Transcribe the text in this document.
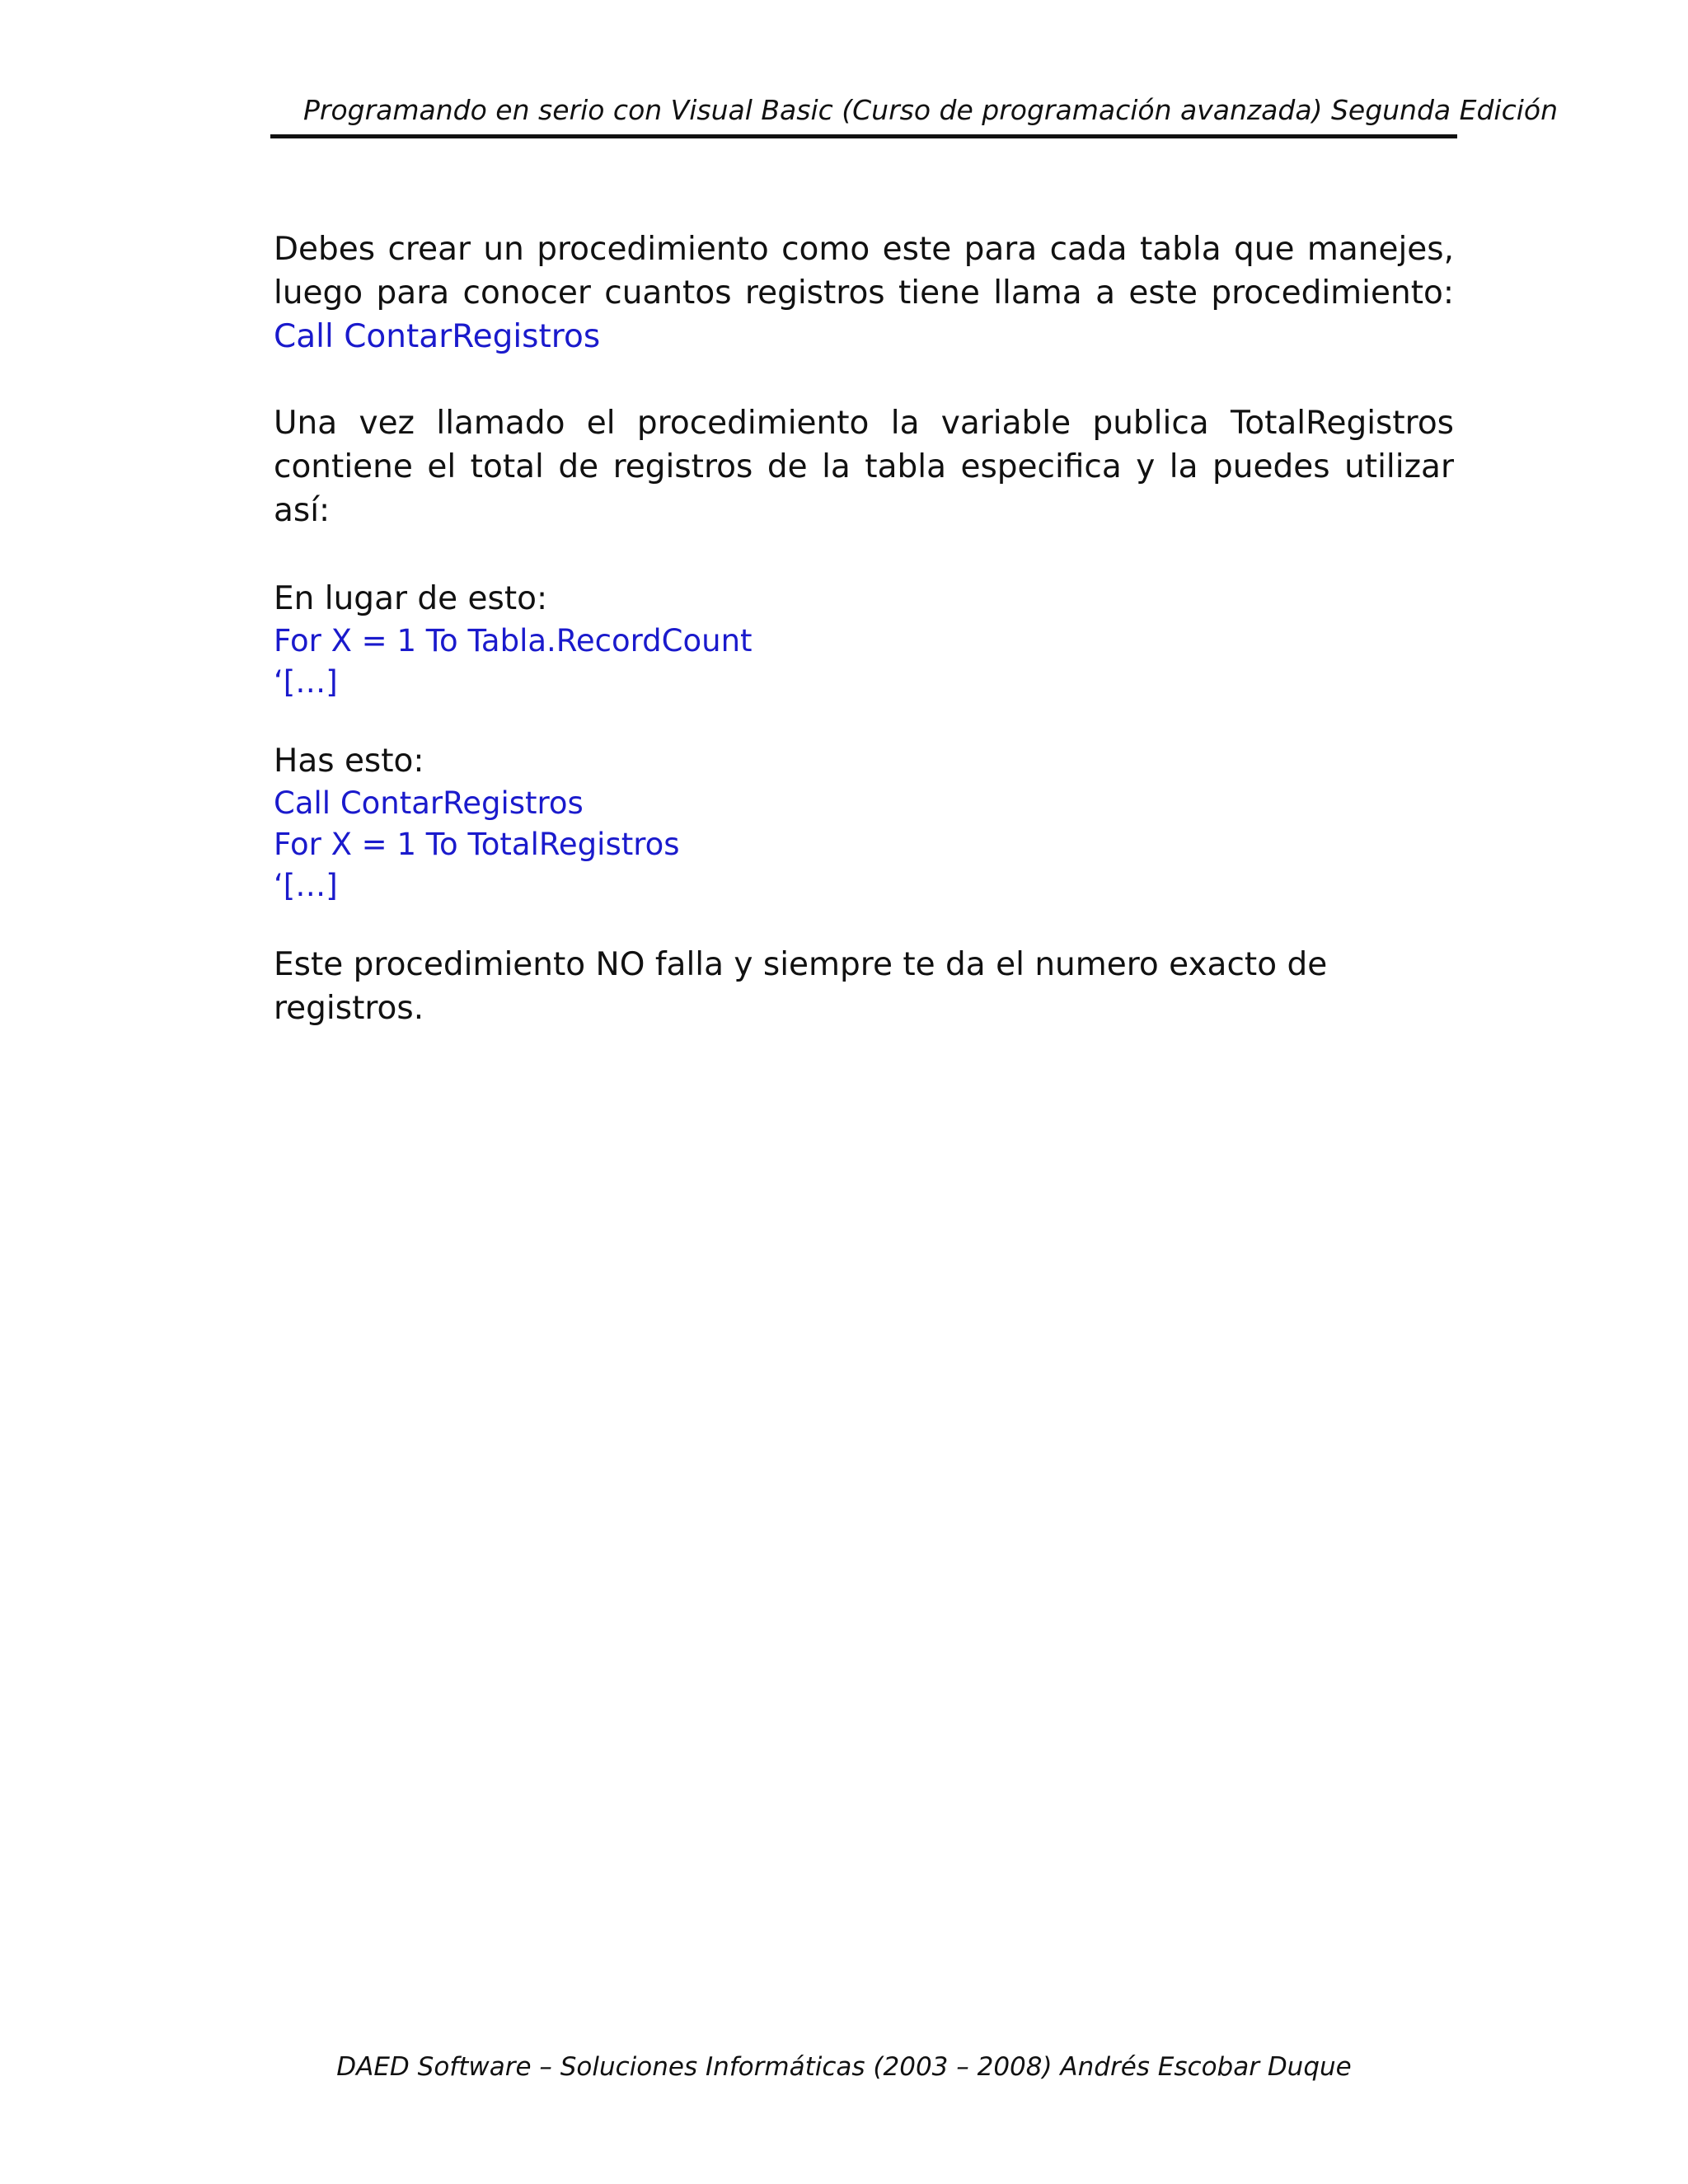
Programando en serio con Visual Basic (Curso de programación avanzada) Segunda Edición

Debes crear un procedimiento como este para cada tabla que manejes, luego para conocer cuantos registros tiene llama a este procedimiento: Call ContarRegistros

Una vez llamado el procedimiento la variable publica TotalRegistros contiene el total de registros de la tabla especifica y la puedes utilizar así:

En lugar de esto:

For X = 1 To Tabla.RecordCount
‘[…]

Has esto:

Call ContarRegistros
For X = 1 To TotalRegistros
‘[…]

Este procedimiento NO falla y siempre te da el numero exacto de registros.

DAED Software – Soluciones Informáticas (2003 – 2008) Andrés Escobar Duque
